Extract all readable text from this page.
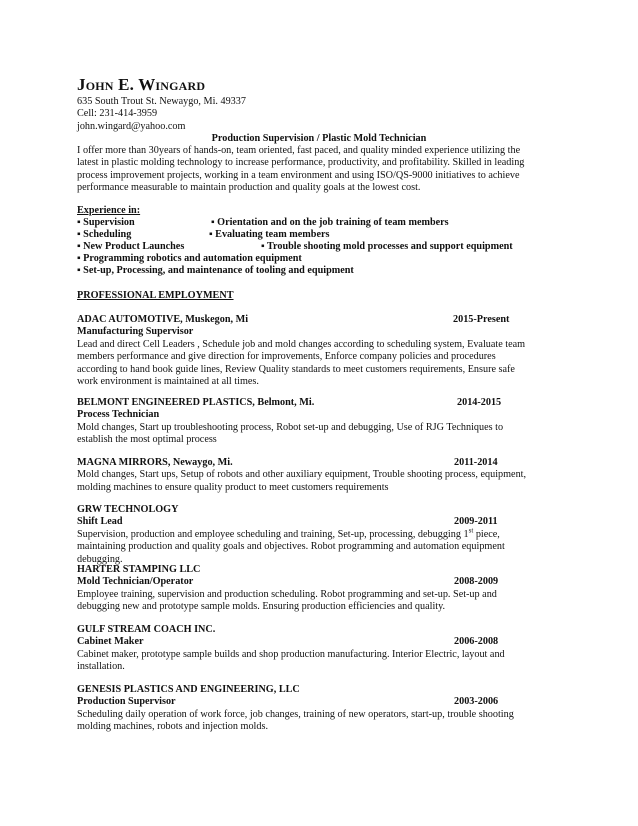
John E. Wingard
635 South Trout St. Newaygo, Mi. 49337
Cell: 231-414-3959
john.wingard@yahoo.com
Production Supervision / Plastic Mold Technician
I offer more than 30years of hands-on, team oriented, fast paced, and quality minded experience utilizing the latest in plastic molding technology to increase performance, productivity, and profitability. Skilled in leading process improvement projects, working in a team environment and using ISO/QS-9000 initiatives to achieve performance measurable to maintain production and quality goals at the lowest cost.
Experience in:
▪ Supervision	▪ Orientation and on the job training of team members
▪ Scheduling	▪ Evaluating team members
▪ New Product Launches	▪ Trouble shooting mold processes and support equipment
▪ Programming robotics and automation equipment
▪ Set-up, Processing, and maintenance of tooling and equipment
PROFESSIONAL EMPLOYMENT
ADAC AUTOMOTIVE, Muskegon, Mi	2015-Present
Manufacturing Supervisor
Lead and direct Cell Leaders , Schedule job and mold changes according to scheduling system, Evaluate team members performance and give direction for improvements, Enforce company policies and procedures according to hand book guide lines, Review Quality standards to meet customers requirements, Ensure safe work environment is maintained at all times.
BELMONT ENGINEERED PLASTICS, Belmont, Mi.	2014-2015
Process Technician
Mold changes, Start up troubleshooting process, Robot set-up and debugging, Use of RJG Techniques to establish the most optimal process
MAGNA MIRRORS, Newaygo, Mi.	2011-2014
Mold changes, Start ups, Setup of robots and other auxiliary equipment, Trouble shooting process, equipment, molding machines to ensure quality product to meet customers requirements
GRW TECHNOLOGY
Shift Lead	2009-2011
Supervision, production and employee scheduling and training, Set-up, processing, debugging 1st piece, maintaining production and quality goals and objectives. Robot programming and automation equipment debugging.
HARTER STAMPING LLC
Mold Technician/Operator	2008-2009
Employee training, supervision and production scheduling. Robot programming and set-up. Set-up and debugging new and prototype sample molds. Ensuring production efficiencies and quality.
GULF STREAM COACH INC.
Cabinet Maker	2006-2008
Cabinet maker, prototype sample builds and shop production manufacturing. Interior Electric, layout and installation.
GENESIS PLASTICS AND ENGINEERING, LLC
Production Supervisor	2003-2006
Scheduling daily operation of work force, job changes, training of new operators, start-up, trouble shooting molding machines, robots and injection molds.
